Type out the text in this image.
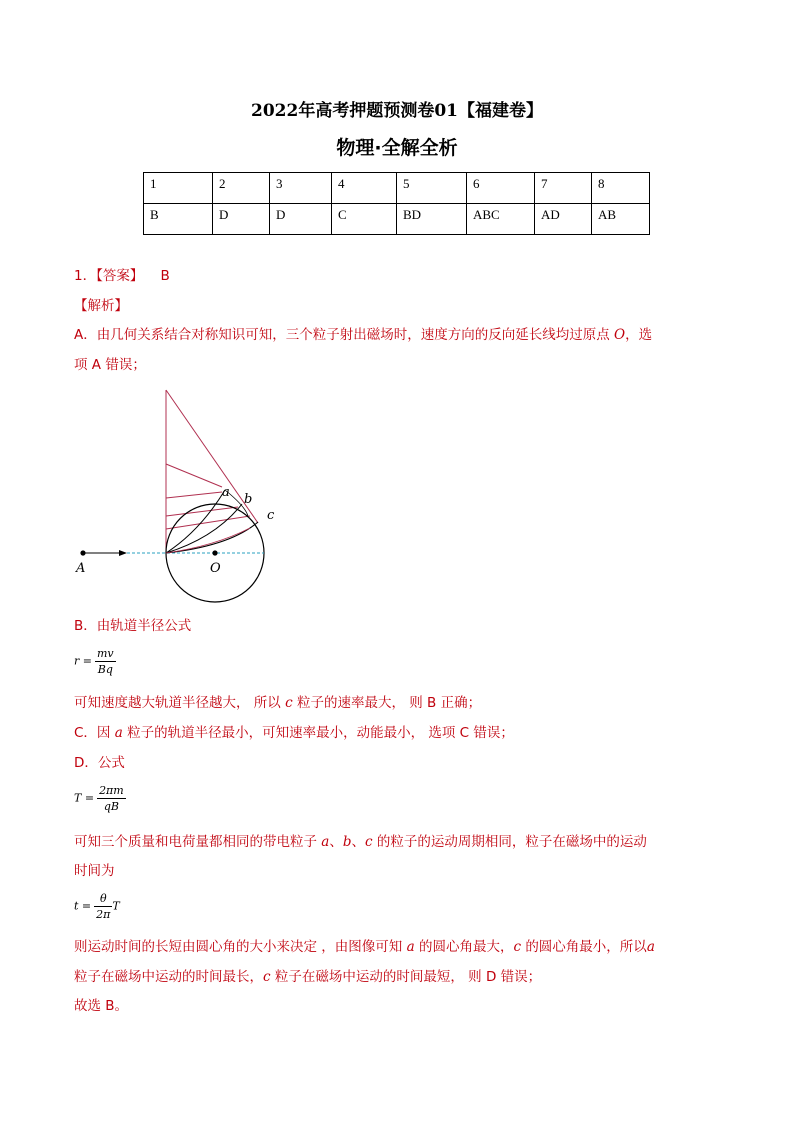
2022年高考押题预测卷01【福建卷】
物理·全解全析
1	2	3	4	5	6	7	8
B	D	D	C	BD	ABC	AD	AB
1．【答案】 B
【解析】
A．由几何关系结合对称知识可知，三个粒子射出磁场时，速度方向的反向延长线均过原点 O，选
项 A 错误；
a b
c
A	O
B．由轨道半径公式
$r = \frac{mv}{Bq}$
可知速度越大轨道半径越大， 所以 c 粒子的速率最大， 则 B 正确；
C．因 a 粒子的轨道半径最小，可知速率最小，动能最小， 选项 C 错误；
D．公式
$T = \frac{2\pi m}{qB}$
可知三个质量和电荷量都相同的带电粒子 a、b、c 的粒子的运动周期相同，粒子在磁场中的运动
时间为
$t = \frac{\theta}{2\pi}$ T
则运动时间的长短由圆心角的大小来决定 ，由图像可知 a 的圆心角最大，c 的圆心角最小，所以a
粒子在磁场中运动的时间最长，c 粒子在磁场中运动的时间最短， 则 D 错误；
故选 B。
